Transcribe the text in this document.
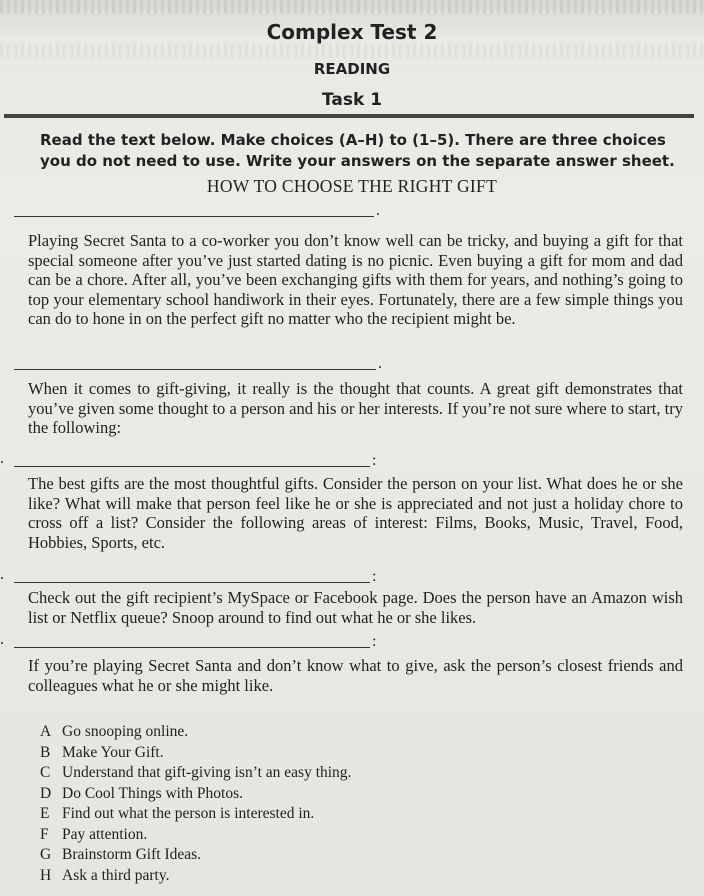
Complex Test 2
READING
Task 1
Read the text below. Make choices (A–H) to (1–5). There are three choices you do not need to use. Write your answers on the separate answer sheet.
HOW TO CHOOSE THE RIGHT GIFT
.

Playing Secret Santa to a co-worker you don’t know well can be tricky, and buying a gift for that special someone after you’ve just started dating is no picnic. Even buying a gift for mom and dad can be a chore. After all, you’ve been exchanging gifts with them for years, and nothing’s going to top your elementary school handiwork in their eyes. Fortunately, there are a few simple things you can do to hone in on the perfect gift no matter who the recipient might be.

.

When it comes to gift-giving, it really is the thought that counts. A great gift demonstrates that you’ve given some thought to a person and his or her interests. If you’re not sure where to start, try the following:

.	:

The best gifts are the most thoughtful gifts. Consider the person on your list. What does he or she like? What will make that person feel like he or she is appreciated and not just a holiday chore to cross off a list? Consider the following areas of interest: Films, Books, Music, Travel, Food, Hobbies, Sports, etc.

.	:

Check out the gift recipient’s MySpace or Facebook page. Does the person have an Amazon wish list or Netflix queue? Snoop around to find out what he or she likes.

.	:

If you’re playing Secret Santa and don’t know what to give, ask the person’s closest friends and colleagues what he or she might like.

A Go snooping online.
B Make Your Gift.
C Understand that gift-giving isn’t an easy thing.
D Do Cool Things with Photos.
E Find out what the person is interested in.
F Pay attention.
G Brainstorm Gift Ideas.
H Ask a third party.
